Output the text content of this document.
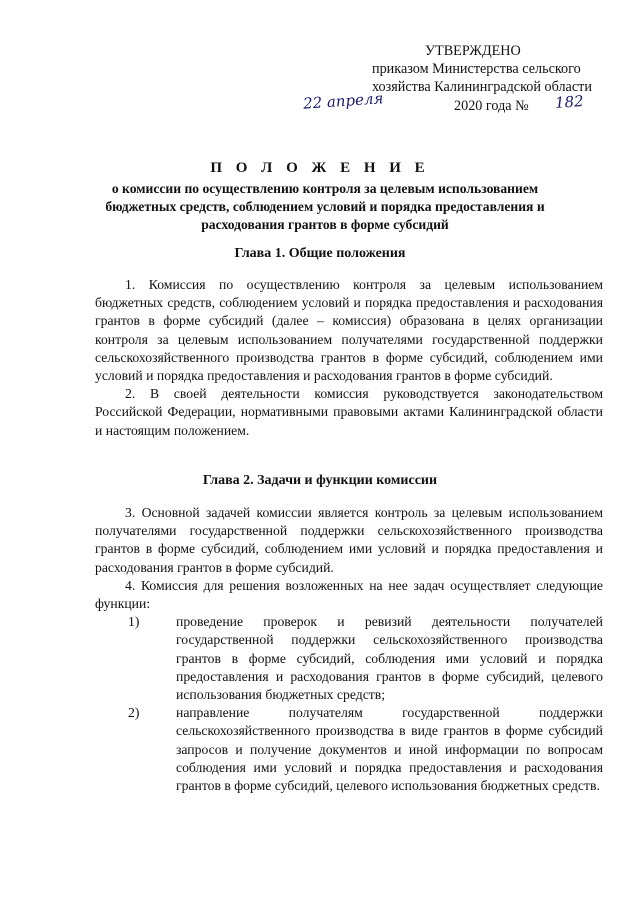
УТВЕРЖДЕНО
приказом Министерства сельского
хозяйства Калининградской области
2020 года №
22 апреля	182
П О Л О Ж Е Н И Е
о комиссии по осуществлению контроля за целевым использованием бюджетных средств, соблюдением условий и порядка предоставления и расходования грантов в форме субсидий
Глава 1. Общие положения

1. Комиссия по осуществлению контроля за целевым использованием бюджетных средств, соблюдением условий и порядка предоставления и расходования грантов в форме субсидий (далее – комиссия) образована в целях организации контроля за целевым использованием получателями государственной поддержки сельскохозяйственного производства грантов в форме субсидий, соблюдением ими условий и порядка предоставления и расходования грантов в форме субсидий.

2. В своей деятельности комиссия руководствуется законодательством Российской Федерации, нормативными правовыми актами Калининградской области и настоящим положением.

Глава 2. Задачи и функции комиссии

3. Основной задачей комиссии является контроль за целевым использованием получателями государственной поддержки сельскохозяйственного производства грантов в форме субсидий, соблюдением ими условий и порядка предоставления и расходования грантов в форме субсидий.

4. Комиссия для решения возложенных на нее задач осуществляет следующие функции:

1)	проведение проверок и ревизий деятельности получателей государственной поддержки сельскохозяйственного производства грантов в форме субсидий, соблюдения ими условий и порядка предоставления и расходования грантов в форме субсидий, целевого использования бюджетных средств;
2)	направление получателям государственной поддержки сельскохозяйственного производства в виде грантов в форме субсидий запросов и получение документов и иной информации по вопросам соблюдения ими условий и порядка предоставления и расходования грантов в форме субсидий, целевого использования бюджетных средств.
